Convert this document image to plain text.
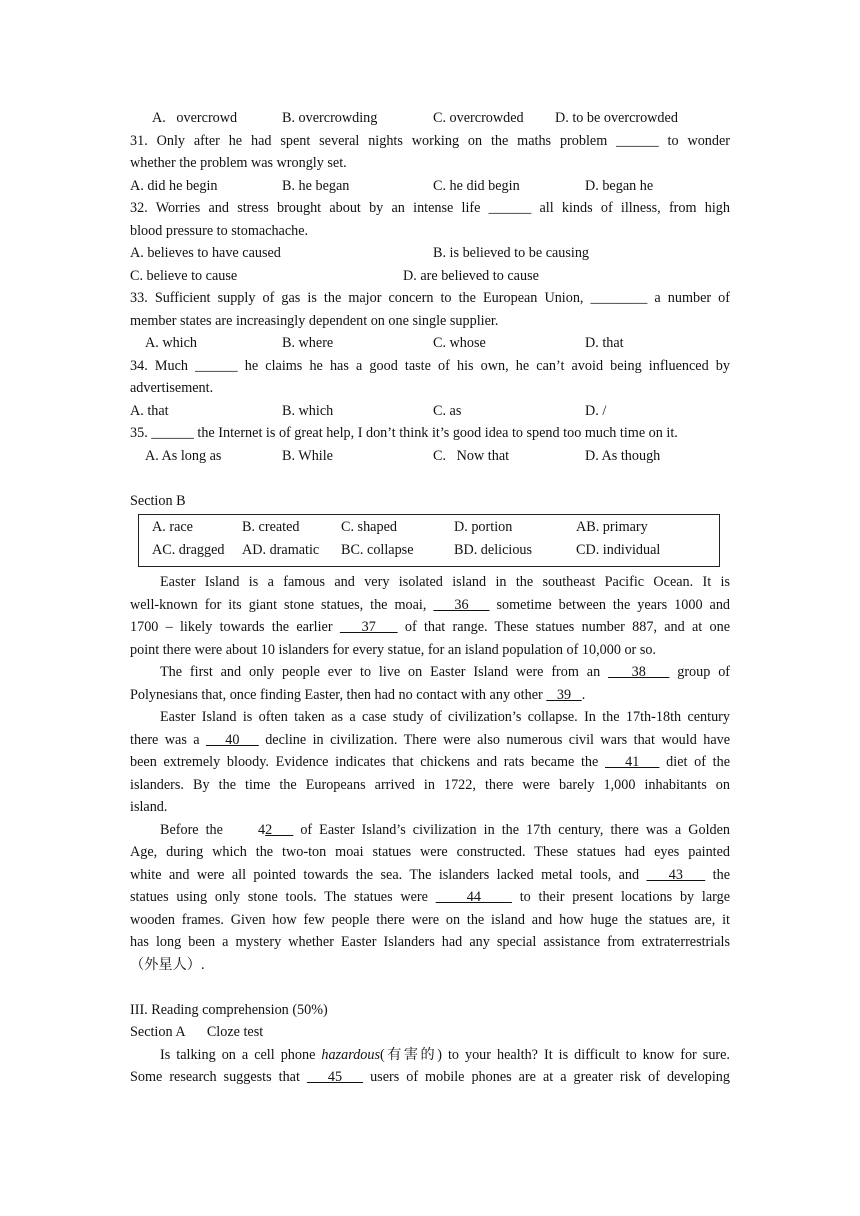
A.   overcrowd	B. overcrowding	C. overcrowded D. to be overcrowded
31. Only after he had spent several nights working on the maths problem ______ to wonder
whether the problem was wrongly set.
A. did he begin	B. he began	C. he did begin	D. began he
32. Worries and stress brought about by an intense life ______ all kinds of illness, from high
blood pressure to stomachache.
A. believes to have caused	B. is believed to be causing
C. believe to cause	D. are believed to cause
33. Sufficient supply of gas is the major concern to the European Union, ________ a number of
member states are increasingly dependent on one single supplier.
A. which	B. where	C. whose	D. that
34. Much ______ he claims he has a good taste of his own, he can’t avoid being influenced by
advertisement.
A. that	B. which	C. as	D. /
35. ______ the Internet is of great help, I don’t think it’s good idea to spend too much time on it.
A. As long as	B. While	C.   Now that	D. As though
Section B
A. race	B. created	C. shaped	D. portion	AB. primary
AC. dragged AD. dramatic BC. collapse	BD. delicious	CD. individual
Easter Island is a famous and very isolated island in the southeast Pacific Ocean. It is
well-known for its giant stone statues, the moai,    36    sometime between the years 1000 and
1700 – likely towards the earlier    37    of that range. These statues number 887, and at one
point there were about 10 islanders for every statue, for an island population of 10,000 or so.
The first and only people ever to live on Easter Island were from an    38    group of
Polynesians that, once finding Easter, then had no contact with any other    39   .
Easter Island is often taken as a case study of civilization’s collapse. In the 17th-18th century
there was a    40    decline in civilization. There were also numerous civil wars that would have
been extremely bloody. Evidence indicates that chickens and rats became the    41    diet of the
islanders. By the time the Europeans arrived in 1722, there were barely 1,000 inhabitants on
island.
Before the     42    of Easter Island’s civilization in the 17th century, there was a Golden
Age, during which the two-ton moai statues were constructed. These statues had eyes painted
white and were all pointed towards the sea. The islanders lacked metal tools, and    43    the
statues using only stone tools. The statues were     44     to their present locations by large
wooden frames. Given how few people there were on the island and how huge the statues are, it
has long been a mystery whether Easter Islanders had any special assistance from extraterrestrials
（外星人）.
III. Reading comprehension (50%)
Section A      Cloze test
Is talking on a cell phone hazardous(有害的) to your health? It is difficult to know for sure.
Some research suggests that    45    users of mobile phones are at a greater risk of developing
